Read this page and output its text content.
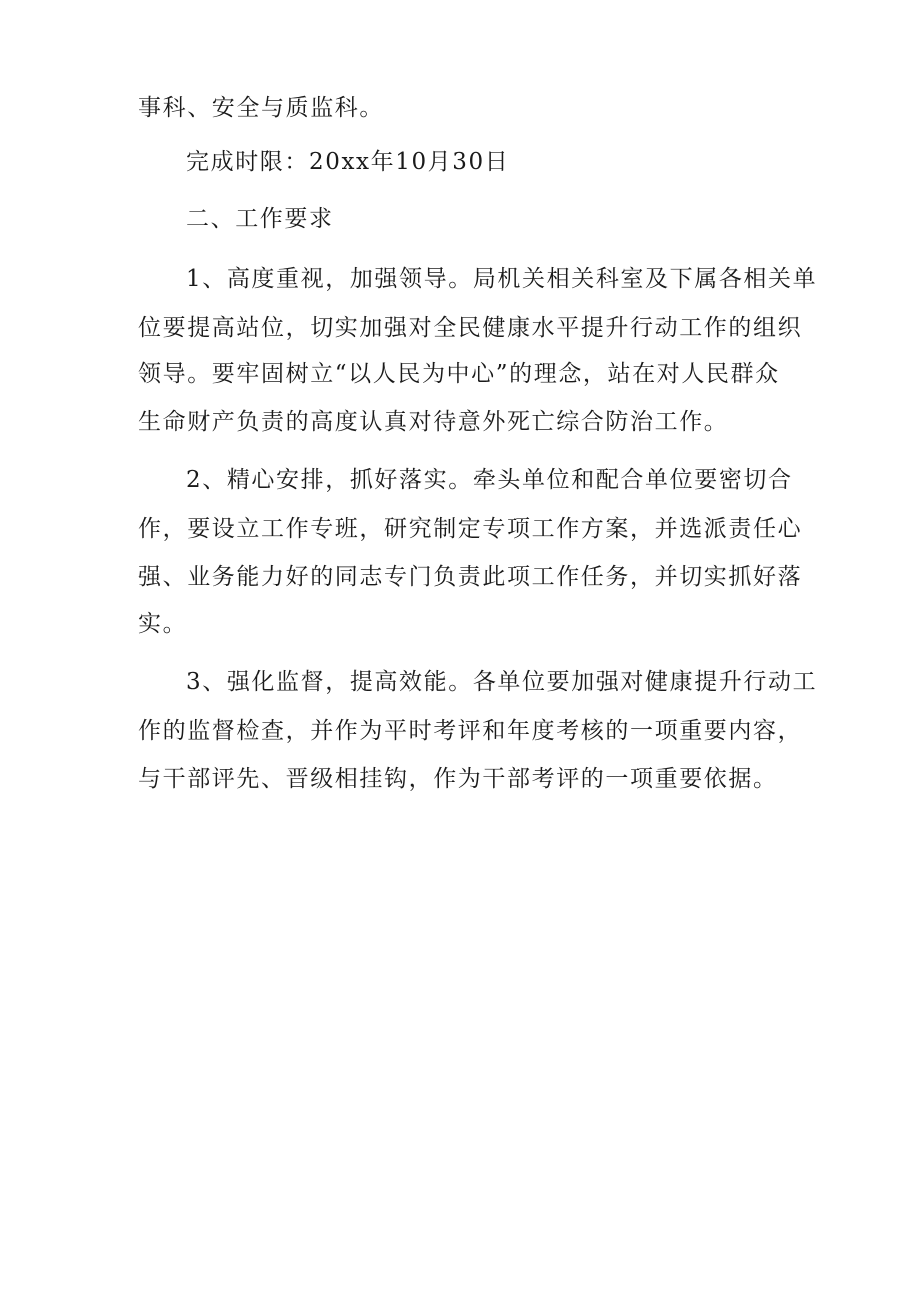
事科、安全与质监科。
完成时限：20xx年10月30日
二、工作要求
1、高度重视，加强领导。局机关相关科室及下属各相关单
位要提高站位，切实加强对全民健康水平提升行动工作的组织
领导。要牢固树立“以人民为中心”的理念，站在对人民群众
生命财产负责的高度认真对待意外死亡综合防治工作。
2、精心安排，抓好落实。牵头单位和配合单位要密切合
作，要设立工作专班，研究制定专项工作方案，并选派责任心
强、业务能力好的同志专门负责此项工作任务，并切实抓好落
实。
3、强化监督，提高效能。各单位要加强对健康提升行动工
作的监督检查，并作为平时考评和年度考核的一项重要内容，
与干部评先、晋级相挂钩，作为干部考评的一项重要依据。
